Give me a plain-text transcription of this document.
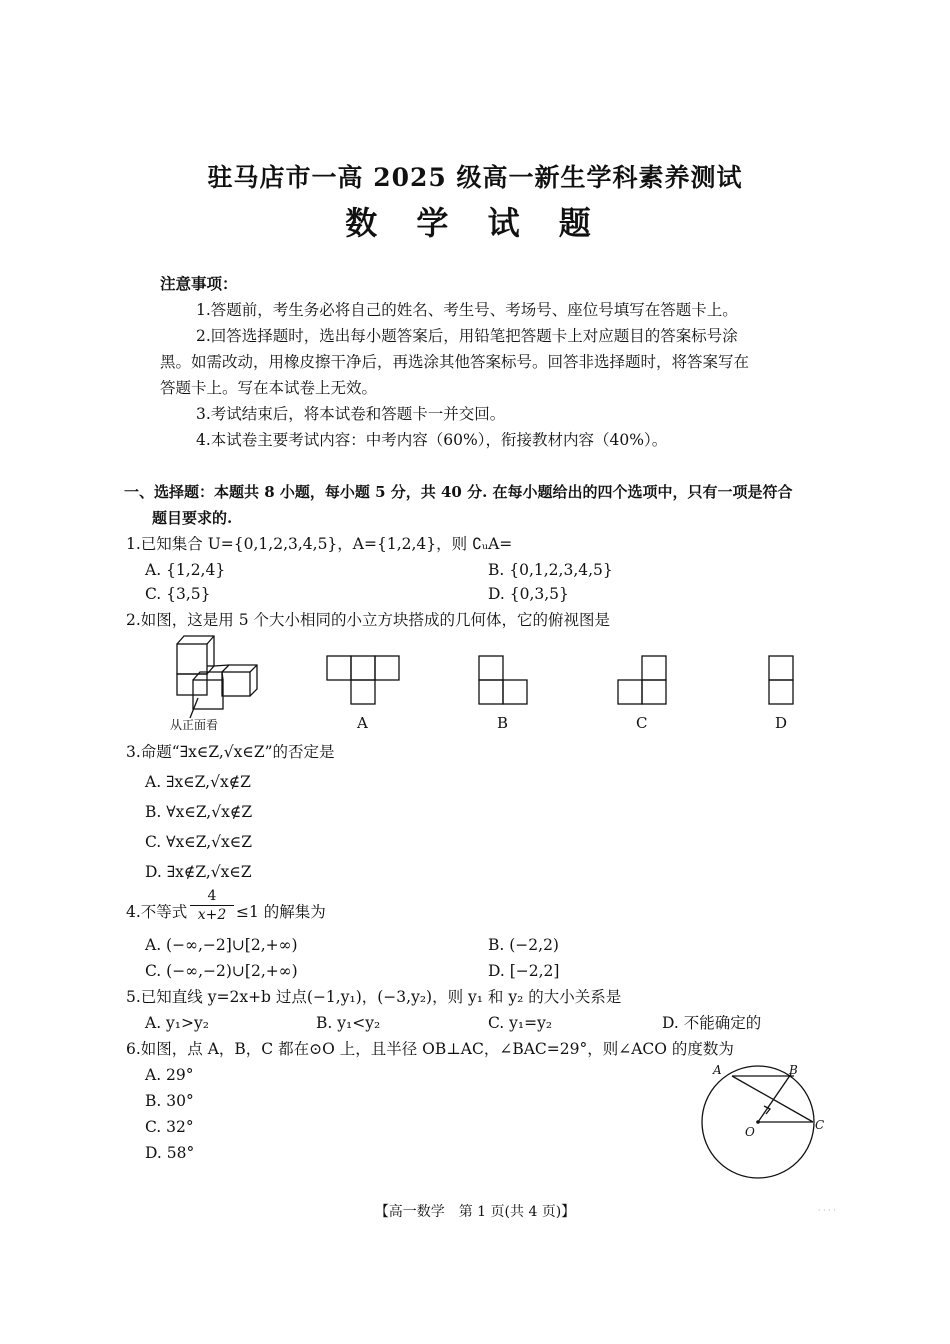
驻马店市一高 2025 级高一新生学科素养测试
数 学 试 题
注意事项：
1.答题前，考生务必将自己的姓名、考生号、考场号、座位号填写在答题卡上。
2.回答选择题时，选出每小题答案后，用铅笔把答题卡上对应题目的答案标号涂
黑。如需改动，用橡皮擦干净后，再选涂其他答案标号。回答非选择题时，将答案写在
答题卡上。写在本试卷上无效。
3.考试结束后，将本试卷和答题卡一并交回。
4.本试卷主要考试内容：中考内容（60%），衔接教材内容（40%）。
一、选择题：本题共 8 小题，每小题 5 分，共 40 分. 在每小题给出的四个选项中，只有一项是符合
题目要求的.
1.已知集合 U={0,1,2,3,4,5}，A={1,2,4}，则 ∁ᵤA=
A. {1,2,4}	B. {0,1,2,3,4,5}
C. {3,5}	D. {0,3,5}
2.如图，这是用 5 个大小相同的小立方块搭成的几何体，它的俯视图是
从正面看	A	B	C	D
3.命题“∃x∈Z,√x∈Z”的否定是
A. ∃x∈Z,√x∉Z
B. ∀x∈Z,√x∉Z
C. ∀x∈Z,√x∈Z
D. ∃x∉Z,√x∈Z
4.不等式
4
x+2 ≤1 的解集为
A. (−∞,−2]∪[2,+∞)	B. (−2,2)
C. (−∞,−2)∪[2,+∞)	D. [−2,2]
5.已知直线 y=2x+b 过点(−1,y₁)，(−3,y₂)，则 y₁ 和 y₂ 的大小关系是
A. y₁>y₂	B. y₁<y₂	C. y₁=y₂	D. 不能确定的
6.如图，点 A，B，C 都在⊙O 上，且半径 OB⊥AC，∠BAC=29°，则∠ACO 的度数为
A. 29°
B. 30°
C. 32°
D. 58°
A	B
C
O
【高一数学　第 1 页(共 4 页)】	· · · ·
